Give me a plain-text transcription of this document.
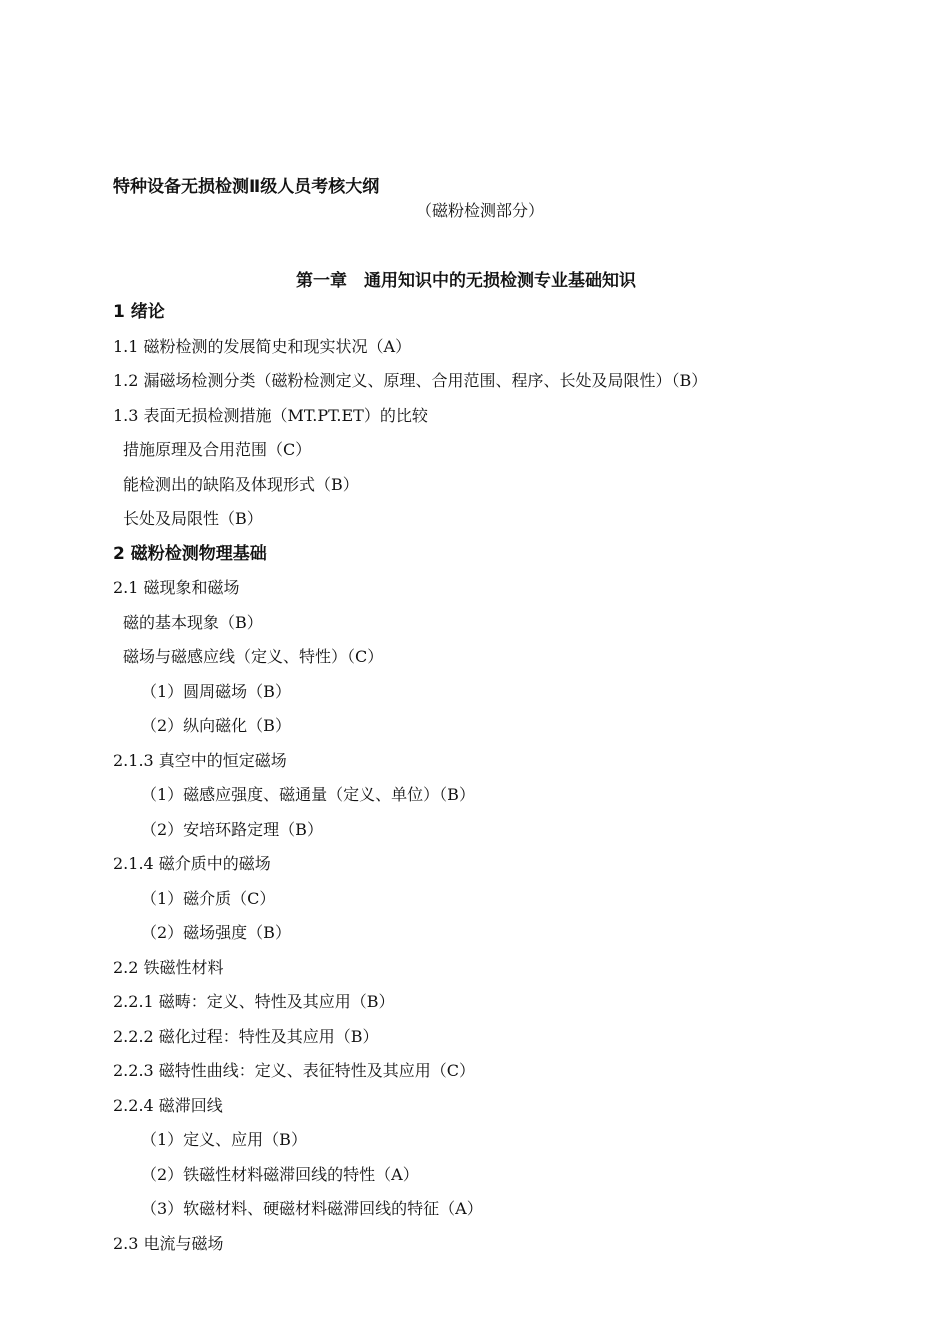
特种设备无损检测Ⅱ级人员考核大纲
（磁粉检测部分）
第一章　通用知识中的无损检测专业基础知识
1 绪论
1.1 磁粉检测的发展简史和现实状况（A）
1.2 漏磁场检测分类（磁粉检测定义、原理、合用范围、程序、长处及局限性）（B）
1.3 表面无损检测措施（MT.PT.ET）的比较
措施原理及合用范围（C）
能检测出的缺陷及体现形式（B）
长处及局限性（B）
2 磁粉检测物理基础
2.1 磁现象和磁场
磁的基本现象（B）
磁场与磁感应线（定义、特性）（C）
（1）圆周磁场（B）
（2）纵向磁化（B）
2.1.3 真空中的恒定磁场
（1）磁感应强度、磁通量（定义、单位）（B）
（2）安培环路定理（B）
2.1.4 磁介质中的磁场
（1）磁介质（C）
（2）磁场强度（B）
2.2 铁磁性材料
2.2.1 磁畴：定义、特性及其应用（B）
2.2.2 磁化过程：特性及其应用（B）
2.2.3 磁特性曲线：定义、表征特性及其应用（C）
2.2.4 磁滞回线
（1）定义、应用（B）
（2）铁磁性材料磁滞回线的特性（A）
（3）软磁材料、硬磁材料磁滞回线的特征（A）
2.3 电流与磁场
